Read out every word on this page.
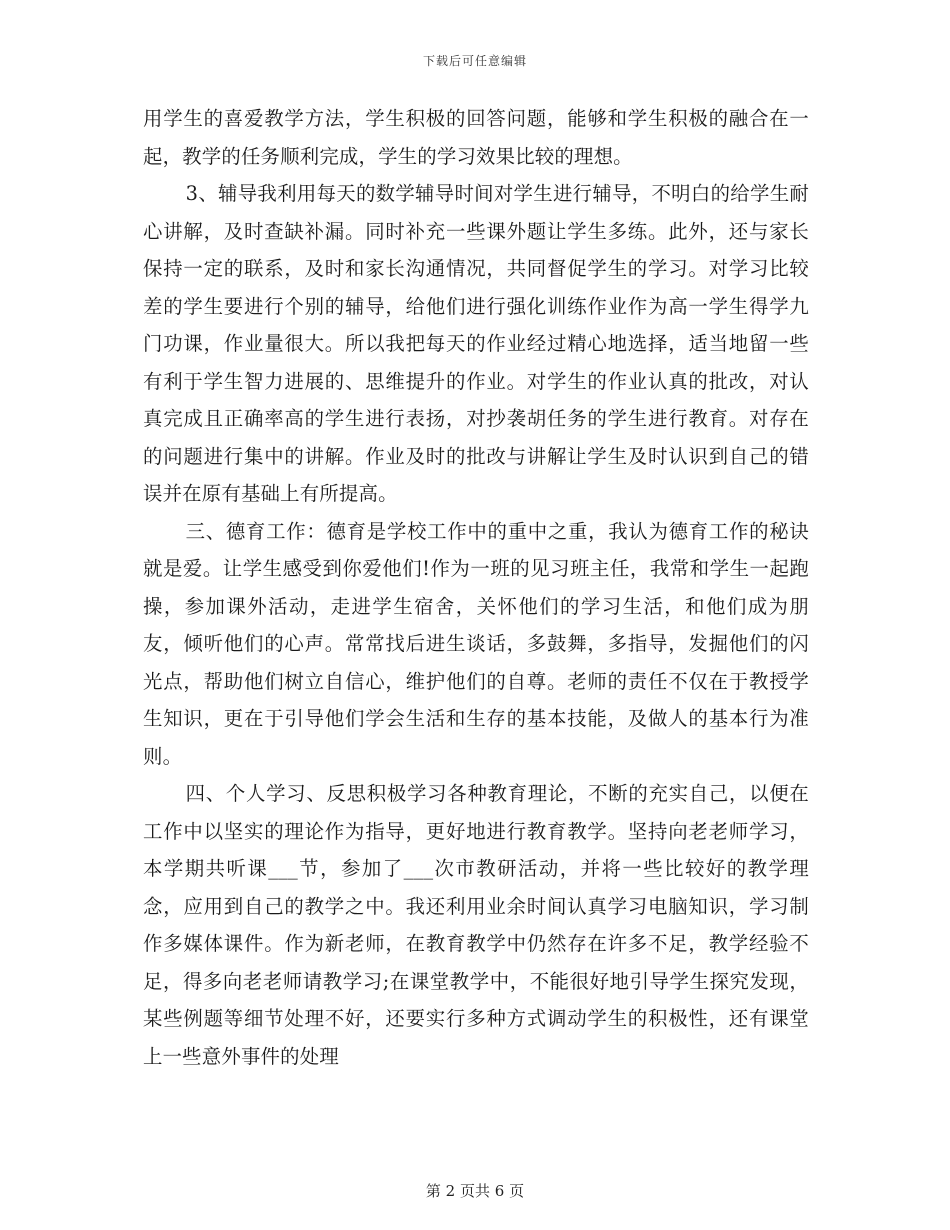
下载后可任意编辑

用学生的喜爱教学方法，学生积极的回答问题，能够和学生积极的融合在一起，教学的任务顺利完成，学生的学习效果比较的理想。

3、辅导我利用每天的数学辅导时间对学生进行辅导，不明白的给学生耐心讲解，及时查缺补漏。同时补充一些课外题让学生多练。此外，还与家长保持一定的联系，及时和家长沟通情况，共同督促学生的学习。对学习比较差的学生要进行个别的辅导，给他们进行强化训练作业作为高一学生得学九门功课，作业量很大。所以我把每天的作业经过精心地选择，适当地留一些有利于学生智力进展的、思维提升的作业。对学生的作业认真的批改，对认真完成且正确率高的学生进行表扬，对抄袭胡任务的学生进行教育。对存在的问题进行集中的讲解。作业及时的批改与讲解让学生及时认识到自己的错误并在原有基础上有所提高。

三、德育工作：德育是学校工作中的重中之重，我认为德育工作的秘诀就是爱。让学生感受到你爱他们!作为一班的见习班主任，我常和学生一起跑操，参加课外活动，走进学生宿舍，关怀他们的学习生活，和他们成为朋友，倾听他们的心声。常常找后进生谈话，多鼓舞，多指导，发掘他们的闪光点，帮助他们树立自信心，维护他们的自尊。老师的责任不仅在于教授学生知识，更在于引导他们学会生活和生存的基本技能，及做人的基本行为准则。

四、个人学习、反思积极学习各种教育理论，不断的充实自己，以便在工作中以坚实的理论作为指导，更好地进行教育教学。坚持向老老师学习，本学期共听课___节，参加了___次市教研活动，并将一些比较好的教学理念，应用到自己的教学之中。我还利用业余时间认真学习电脑知识，学习制作多媒体课件。作为新老师，在教育教学中仍然存在许多不足，教学经验不足，得多向老老师请教学习;在课堂教学中，不能很好地引导学生探究发现，某些例题等细节处理不好，还要实行多种方式调动学生的积极性，还有课堂上一些意外事件的处理

第 2 页共 6 页
